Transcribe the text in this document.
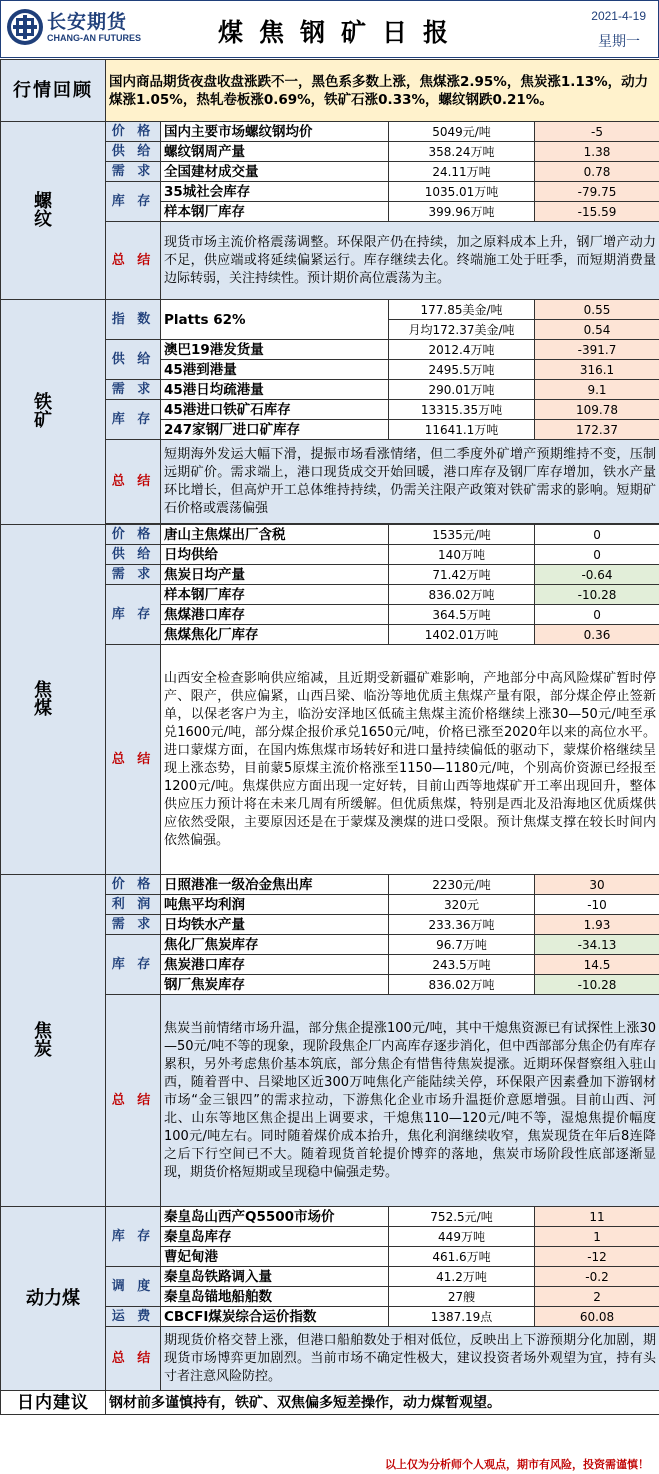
长安期货
CHANG-AN FUTURES	煤焦钢矿日报
2021-4-19
星期一
行情回顾	国内商品期货夜盘收盘涨跌不一，黑色系多数上涨，焦煤涨2.95%，焦炭涨1.13%，动力煤涨1.05%，热轧卷板涨0.69%，铁矿石涨0.33%，螺纹钢跌0.21%。			
螺 纹	价 格	国内主要市场螺纹钢均价	5049元/吨	-5
	供 给	螺纹钢周产量	358.24万吨	1.38
	需 求	全国建材成交量	24.11万吨	0.78
	库 存	35城社会库存	1035.01万吨	-79.75
		样本钢厂库存	399.96万吨	-15.59
	总 结	现货市场主流价格震荡调整。环保限产仍在持续，加之原料成本上升，钢厂增产动力不足，供应端或将延续偏紧运行。库存继续去化。终端施工处于旺季，而短期消费量边际转弱，关注持续性。预计期价高位震荡为主。		
铁 矿	指 数	Platts 62%	177.85美金/吨	0.55
			月均172.37美金/吨	0.54
	供 给	澳巴19港发货量	2012.4万吨	-391.7
		45港到港量	2495.5万吨	316.1
	需 求	45港日均疏港量	290.01万吨	9.1
	库 存	45港进口铁矿石库存	13315.35万吨	109.78
		247家钢厂进口矿库存	11641.1万吨	172.37
	总 结	短期海外发运大幅下滑，提振市场看涨情绪，但二季度外矿增产预期维持不变，压制远期矿价。需求端上，港口现货成交开始回暖，港口库存及钢厂库存增加，铁水产量环比增长，但高炉开工总体维持持续，仍需关注限产政策对铁矿需求的影响。短期矿石价格或震荡偏强		

焦 煤	价 格	唐山主焦煤出厂含税	1535元/吨	0
	供 给	日均供给	140万吨	0
	需 求	焦炭日均产量	71.42万吨	-0.64
	库 存	样本钢厂库存	836.02万吨	-10.28
		焦煤港口库存	364.5万吨	0
		焦煤焦化厂库存	1402.01万吨	0.36
	总 结	山西安全检查影响供应缩减，且近期受新疆矿难影响，产地部分中高风险煤矿暂时停产、限产，供应偏紧，山西吕梁、临汾等地优质主焦煤产量有限，部分煤企停止签新单，以保老客户为主，临汾安泽地区低硫主焦煤主流价格继续上涨30—50元/吨至承兑1600元/吨，部分煤企报价承兑1650元/吨，价格已涨至2020年以来的高位水平。进口蒙煤方面，在国内炼焦煤市场转好和进口量持续偏低的驱动下，蒙煤价格继续呈现上涨态势，目前蒙5原煤主流价格涨至1150—1180元/吨，个别高价资源已经报至1200元/吨。焦煤供应方面出现一定好转，目前山西等地煤矿开工率出现回升，整体供应压力预计将在未来几周有所缓解。但优质焦煤，特别是西北及沿海地区优质煤供应依然受限，主要原因还是在于蒙煤及澳煤的进口受限。预计焦煤支撑在较长时间内依然偏强。		
焦 炭	价 格	日照港准一级冶金焦出库	2230元/吨	30
	利 润	吨焦平均利润	320元	-10
	需 求	日均铁水产量	233.36万吨	1.93
	库 存	焦化厂焦炭库存	96.7万吨	-34.13
		焦炭港口库存	243.5万吨	14.5
		钢厂焦炭库存	836.02万吨	-10.28
	总 结	焦炭当前情绪市场升温，部分焦企提涨100元/吨，其中干熄焦资源已有试探性上涨30—50元/吨不等的现象，现阶段焦企厂内高库存逐步消化，但中西部部分焦企仍有库存累积，另外考虑焦价基本筑底，部分焦企有惜售待焦炭提涨。近期环保督察组入驻山西，随着晋中、吕梁地区近300万吨焦化产能陆续关停，环保限产因素叠加下游钢材市场“金三银四”的需求拉动，下游焦化企业市场升温挺价意愿增强。目前山西、河北、山东等地区焦企提出上调要求，干熄焦110—120元/吨不等，湿熄焦提价幅度100元/吨左右。同时随着煤价成本抬升，焦化利润继续收窄，焦炭现货在年后8连降之后下行空间已不大。随着现货首轮提价博弈的落地，焦炭市场阶段性底部逐渐显现，期货价格短期或呈现稳中偏强走势。		
动力煤	库 存	秦皇岛山西产Q5500市场价	752.5元/吨	11
		秦皇岛库存	449万吨	1
		曹妃甸港	461.6万吨	-12
	调 度	秦皇岛铁路调入量	41.2万吨	-0.2
		秦皇岛锚地船舶数	27艘	2
	运 费	CBCFI煤炭综合运价指数	1387.19点	60.08
	总 结	期现货价格交替上涨，但港口船舶数处于相对低位，反映出上下游预期分化加剧，期现货市场博弈更加剧烈。当前市场不确定性极大，建议投资者场外观望为宜，持有头寸者注意风险防控。		
日内建议	钢材前多谨慎持有，铁矿、双焦偏多短差操作，动力煤暂观望。			
以上仅为分析师个人观点，期市有风险，投资需谨慎！
